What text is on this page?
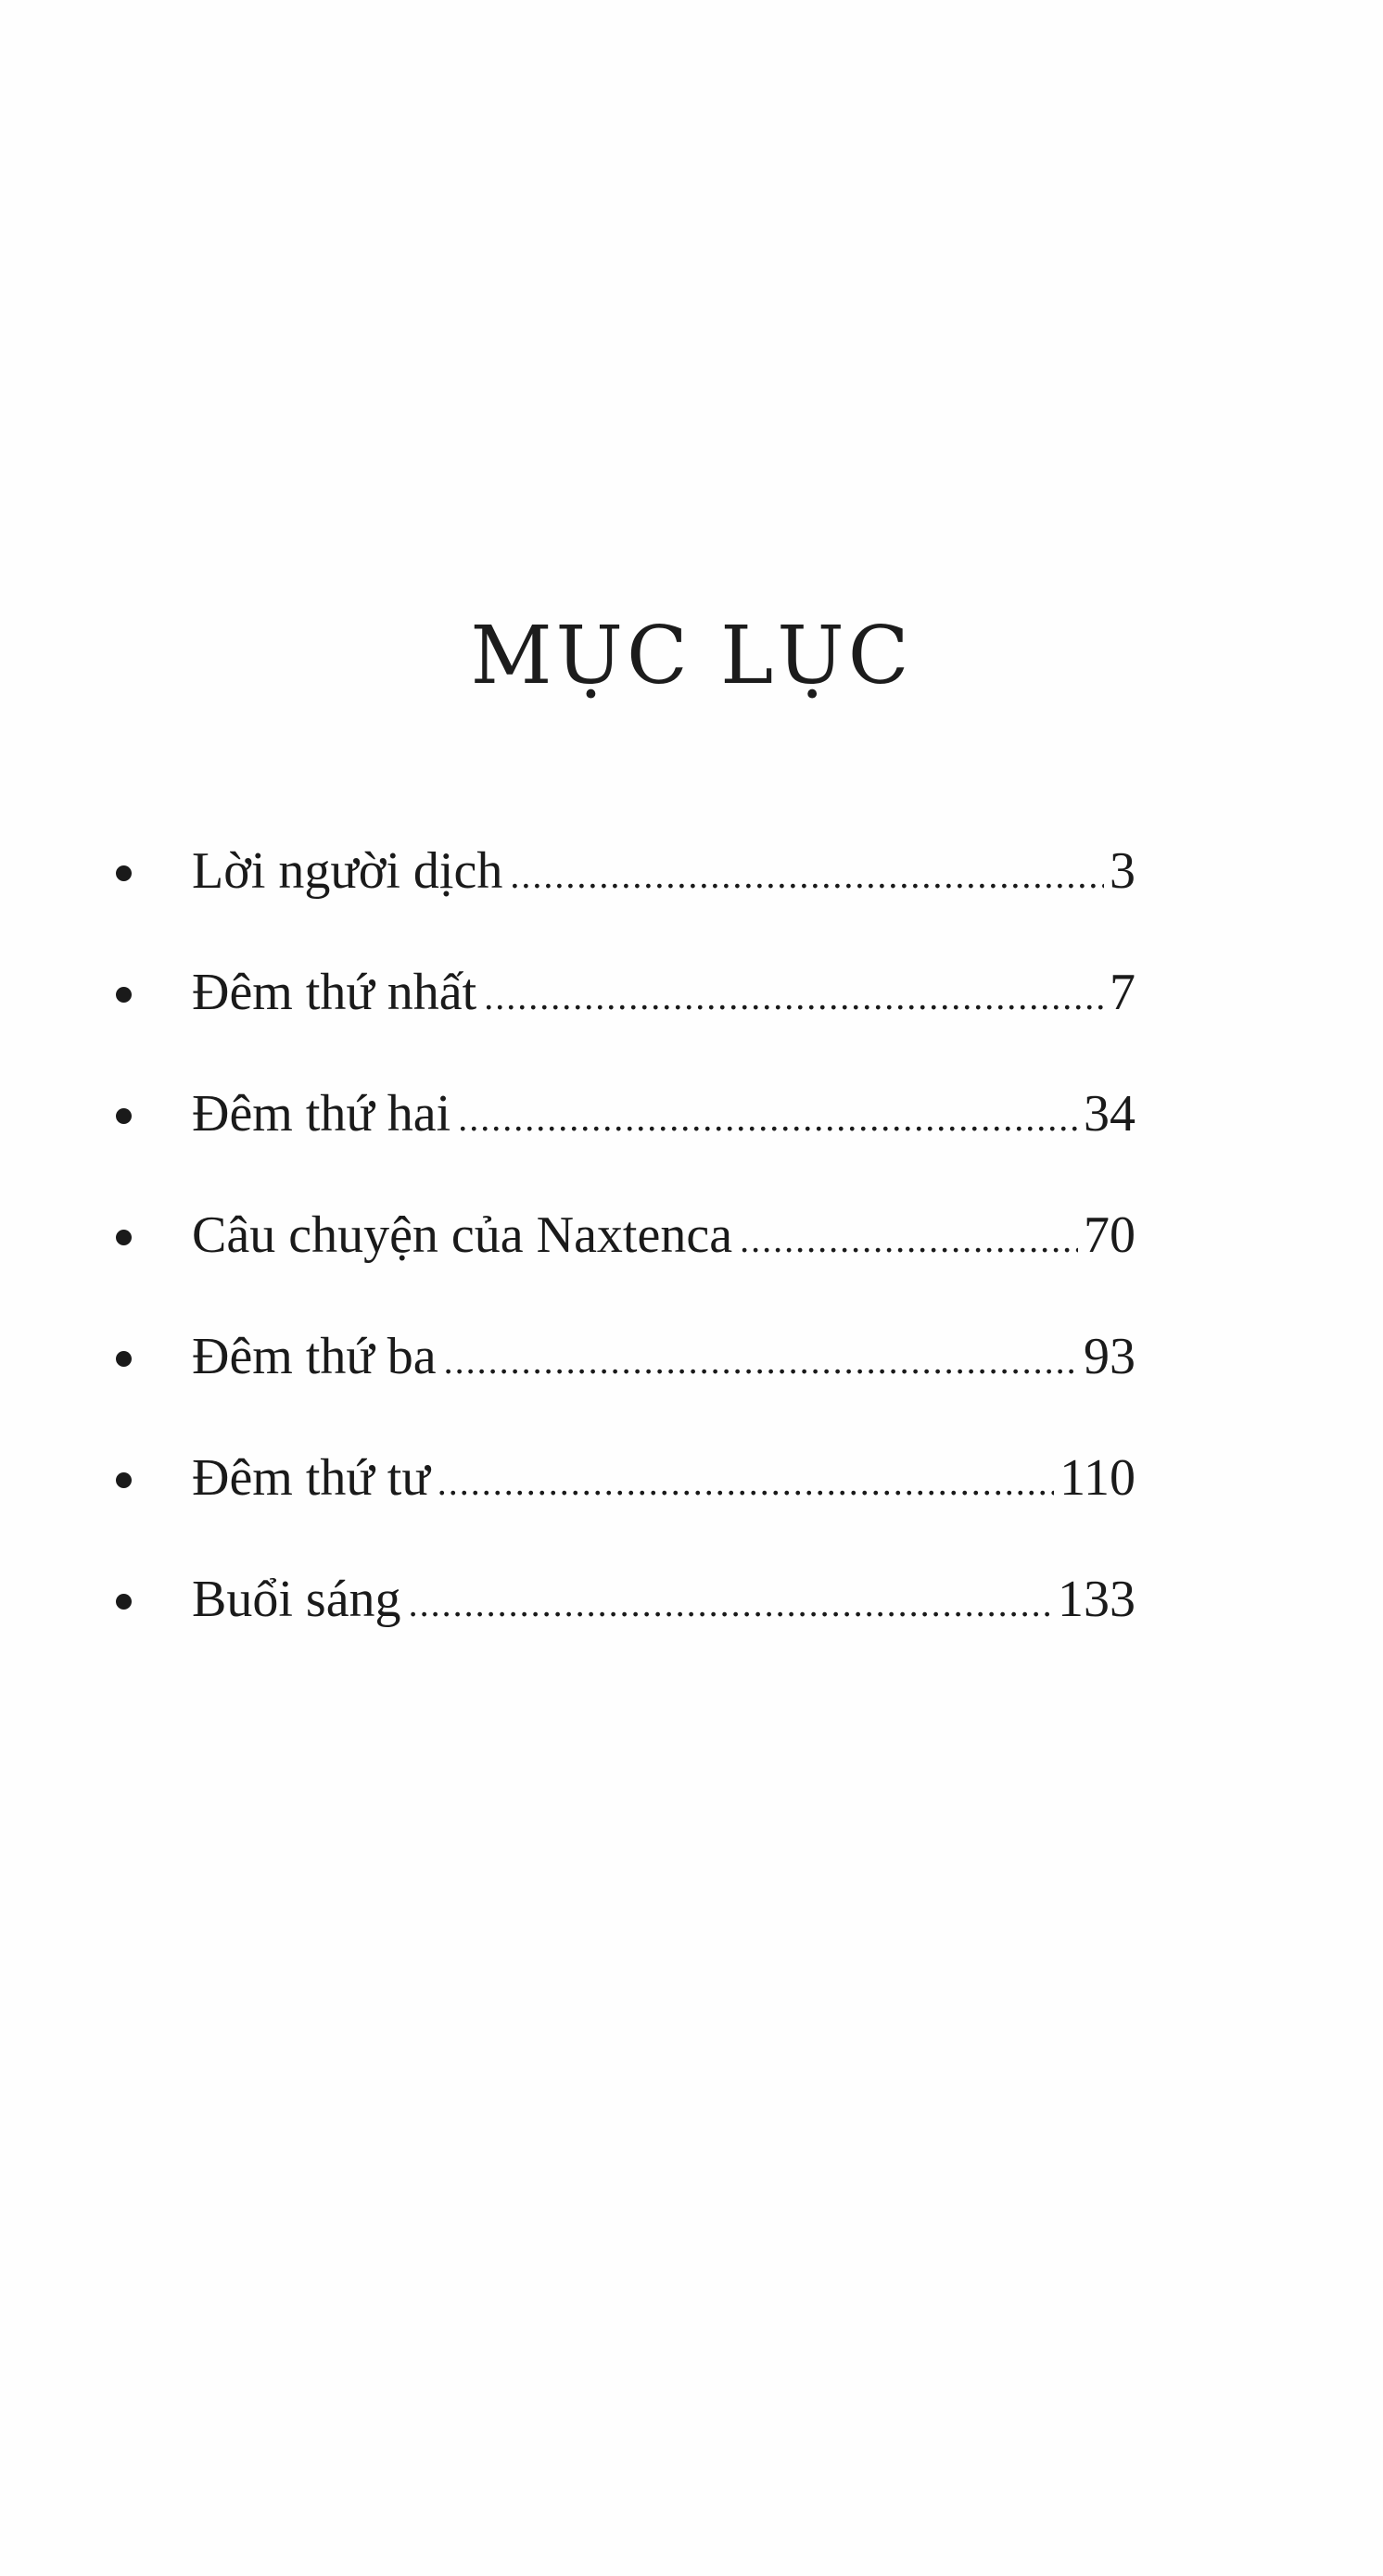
MỤC LỤC
Lời người dịch .....	3
Đêm thứ nhất .....	7
Đêm thứ hai .....	34
Câu chuyện của Naxtenca .....	70
Đêm thứ ba .....	93
Đêm thứ tư .....	110
Buổi sáng .....	133
